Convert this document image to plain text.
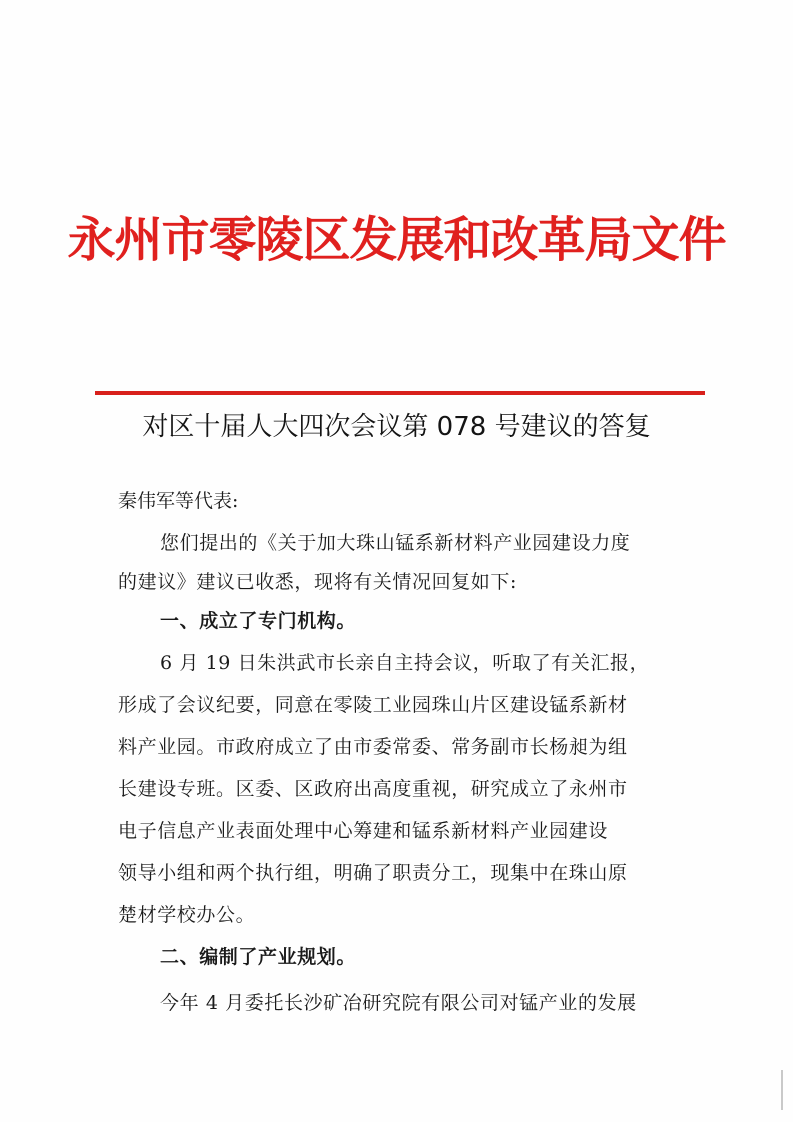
永州市零陵区发展和改革局文件
对区十届人大四次会议第 078 号建议的答复
秦伟军等代表:
您们提出的《关于加大珠山锰系新材料产业园建设力度
的建议》建议已收悉，现将有关情况回复如下:
一、成立了专门机构。
6 月 19 日朱洪武市长亲自主持会议，听取了有关汇报，
形成了会议纪要，同意在零陵工业园珠山片区建设锰系新材
料产业园。市政府成立了由市委常委、常务副市长杨昶为组
长建设专班。区委、区政府出高度重视，研究成立了永州市
电子信息产业表面处理中心筹建和锰系新材料产业园建设
领导小组和两个执行组，明确了职责分工，现集中在珠山原
楚材学校办公。
二、编制了产业规划。
今年 4 月委托长沙矿冶研究院有限公司对锰产业的发展
